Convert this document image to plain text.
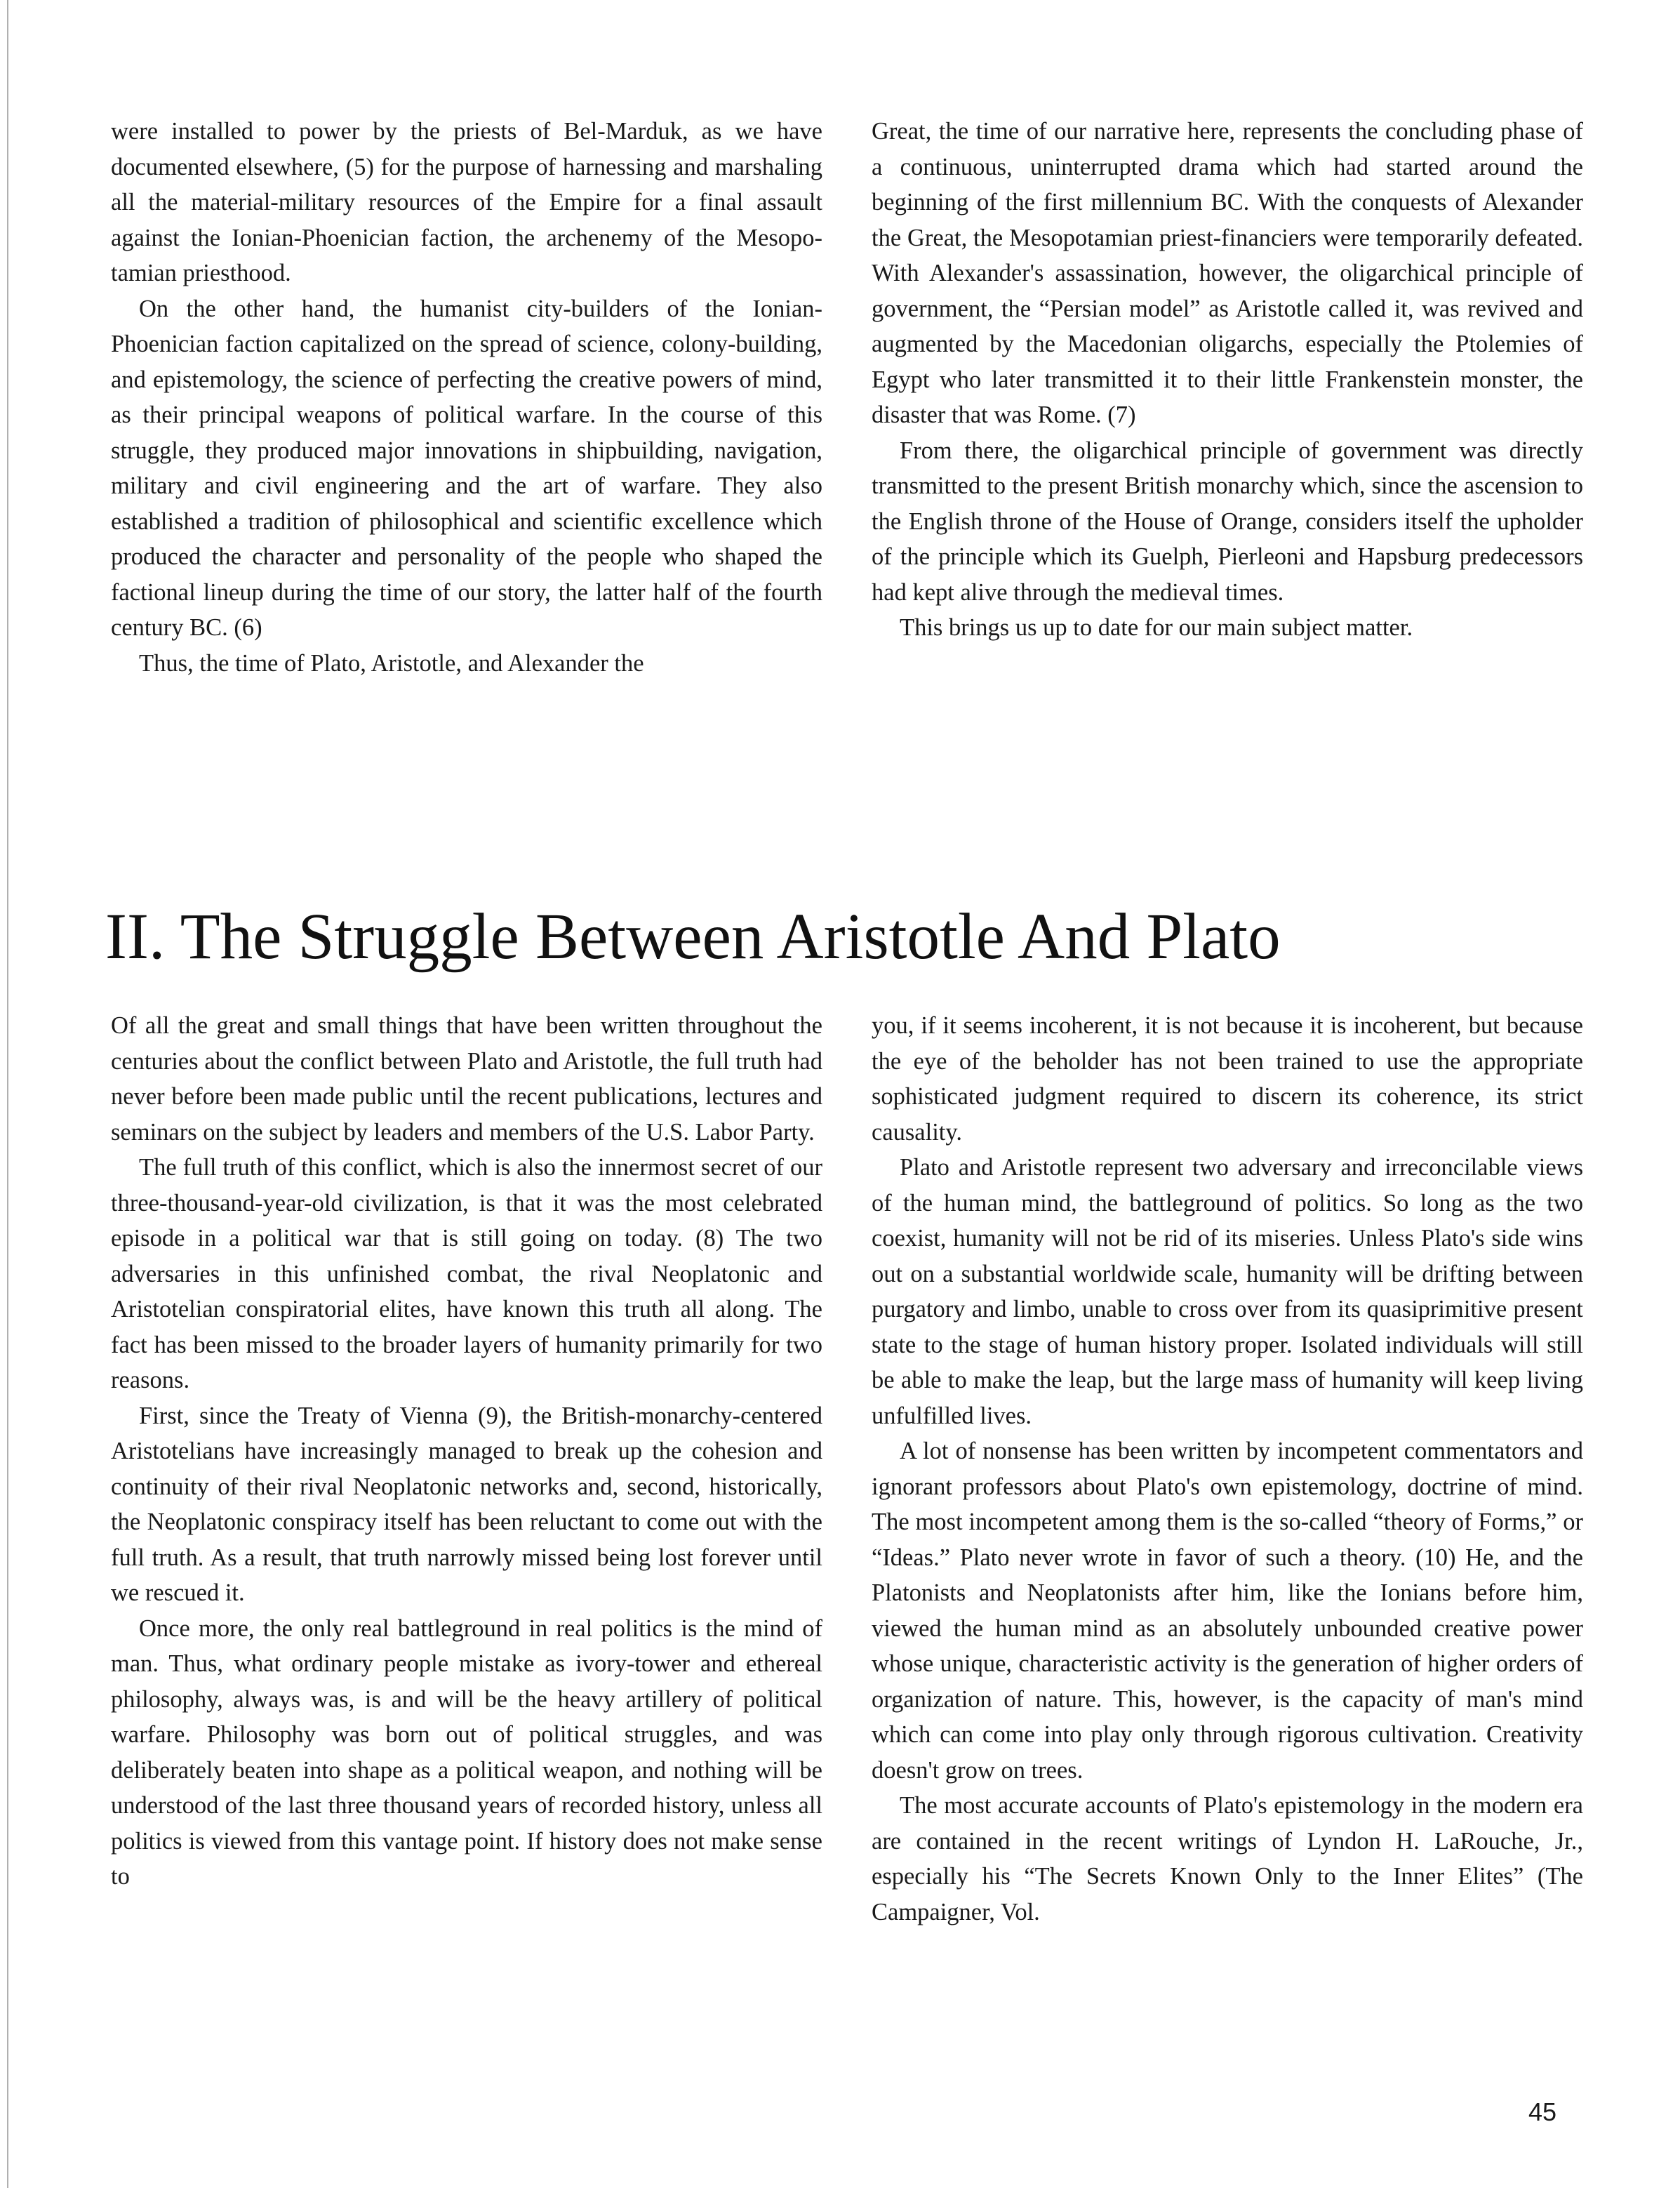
were installed to power by the priests of Bel-Marduk, as we have documented elsewhere, (5) for the purpose of harnessing and marshaling all the material-military resources of the Empire for a final assault against the Ionian-Phoenician faction, the archenemy of the Mesopotamian priesthood.

On the other hand, the humanist city-builders of the Ionian-Phoenician faction capitalized on the spread of science, colony-building, and epistemology, the science of perfecting the creative powers of mind, as their principal weapons of political warfare. In the course of this struggle, they produced major innovations in shipbuilding, navigation, military and civil engineering and the art of warfare. They also established a tradition of philosophical and scientific excellence which produced the character and personality of the people who shaped the factional lineup during the time of our story, the latter half of the fourth century BC. (6)

Thus, the time of Plato, Aristotle, and Alexander the

Great, the time of our narrative here, represents the concluding phase of a continuous, uninterrupted drama which had started around the beginning of the first millennium BC. With the conquests of Alexander the Great, the Mesopotamian priest-financiers were temporarily defeated. With Alexander's assassination, however, the oligarchical principle of government, the “Persian model” as Aristotle called it, was revived and augmented by the Macedonian oligarchs, especially the Ptolemies of Egypt who later transmitted it to their little Frankenstein monster, the disaster that was Rome. (7)

From there, the oligarchical principle of government was directly transmitted to the present British monarchy which, since the ascension to the English throne of the House of Orange, considers itself the upholder of the principle which its Guelph, Pierleoni and Hapsburg predecessors had kept alive through the medieval times.

This brings us up to date for our main subject matter.

II. The Struggle Between Aristotle And Plato

Of all the great and small things that have been written throughout the centuries about the conflict between Plato and Aristotle, the full truth had never before been made public until the recent publications, lectures and seminars on the subject by leaders and members of the U.S. Labor Party.

The full truth of this conflict, which is also the innermost secret of our three-thousand-year-old civilization, is that it was the most celebrated episode in a political war that is still going on today. (8) The two adversaries in this unfinished combat, the rival Neoplatonic and Aristotelian conspiratorial elites, have known this truth all along. The fact has been missed to the broader layers of humanity primarily for two reasons.

First, since the Treaty of Vienna (9), the British-monarchy-centered Aristotelians have increasingly managed to break up the cohesion and continuity of their rival Neoplatonic networks and, second, historically, the Neoplatonic conspiracy itself has been reluctant to come out with the full truth. As a result, that truth narrowly missed being lost forever until we rescued it.

Once more, the only real battleground in real politics is the mind of man. Thus, what ordinary people mistake as ivory-tower and ethereal philosophy, always was, is and will be the heavy artillery of political warfare. Philosophy was born out of political struggles, and was deliberately beaten into shape as a political weapon, and nothing will be understood of the last three thousand years of recorded history, unless all politics is viewed from this vantage point. If history does not make sense to

you, if it seems incoherent, it is not because it is incoherent, but because the eye of the beholder has not been trained to use the appropriate sophisticated judgment required to discern its coherence, its strict causality.

Plato and Aristotle represent two adversary and irreconcilable views of the human mind, the battleground of politics. So long as the two coexist, humanity will not be rid of its miseries. Unless Plato's side wins out on a substantial worldwide scale, humanity will be drifting between purgatory and limbo, unable to cross over from its quasiprimitive present state to the stage of human history proper. Isolated individuals will still be able to make the leap, but the large mass of humanity will keep living unfulfilled lives.

A lot of nonsense has been written by incompetent commentators and ignorant professors about Plato's own epistemology, doctrine of mind. The most incompetent among them is the so-called “theory of Forms,” or “Ideas.” Plato never wrote in favor of such a theory. (10) He, and the Platonists and Neoplatonists after him, like the Ionians before him, viewed the human mind as an absolutely unbounded creative power whose unique, characteristic activity is the generation of higher orders of organization of nature. This, however, is the capacity of man's mind which can come into play only through rigorous cultivation. Creativity doesn't grow on trees.

The most accurate accounts of Plato's epistemology in the modern era are contained in the recent writings of Lyndon H. LaRouche, Jr., especially his “The Secrets Known Only to the Inner Elites” (The Campaigner, Vol.

45
